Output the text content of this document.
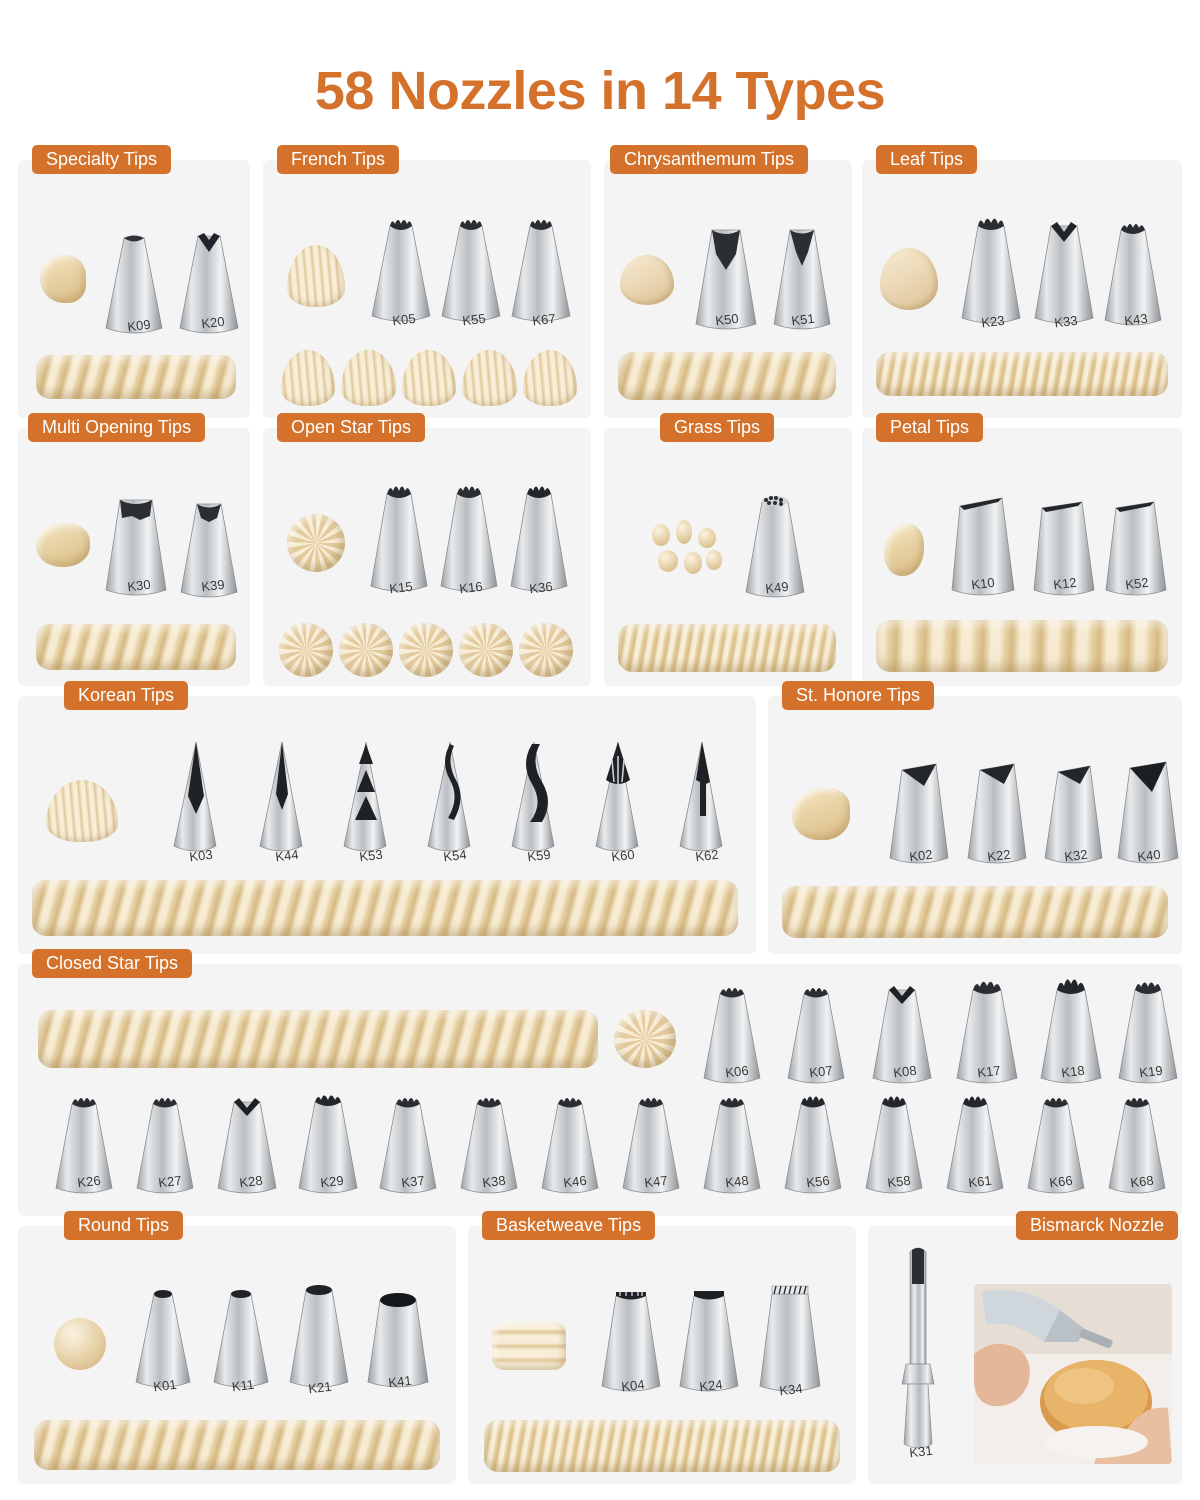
58 Nozzles in 14 Types
Specialty Tips
K09	K20
French Tips
K05	K55	K67
Chrysanthemum Tips
K50	K51
Leaf Tips
K23	K33	K43
Multi Opening Tips
K30	K39
Open Star Tips
K15	K16	K36
Grass Tips
K49
Petal Tips
K10	K12	K52
Korean Tips
K03	K44	K53	K54	K59	K60	K62
St. Honore Tips
K02	K22	K32	K40
Closed Star Tips
K06	K07	K08	K17	K18	K19
K26	K27	K28	K29	K37	K38	K46	K47	K48	K56	K58	K61	K66	K68
Round Tips
K01	K11	K21	K41
Basketweave Tips
K04	K24	K34
Bismarck Nozzle
K31
